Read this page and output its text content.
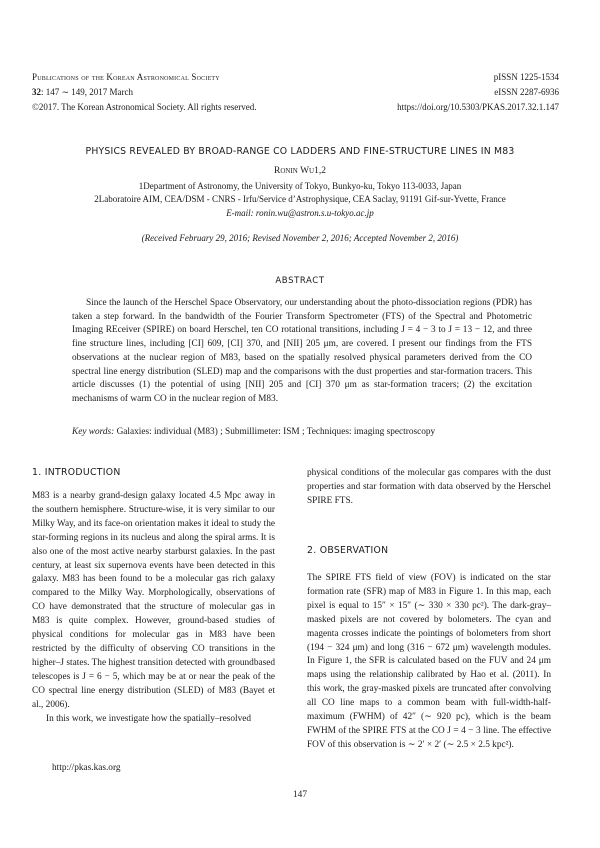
Publications of the Korean Astronomical Society
32: 147 ∼ 149, 2017 March
©2017. The Korean Astronomical Society. All rights reserved.
pISSN 1225-1534
eISSN 2287-6936
https://doi.org/10.5303/PKAS.2017.32.1.147
PHYSICS REVEALED BY BROAD-RANGE CO LADDERS AND FINE-STRUCTURE LINES IN M83
Ronin Wu1,2
1Department of Astronomy, the University of Tokyo, Bunkyo-ku, Tokyo 113-0033, Japan
2Laboratoire AIM, CEA/DSM - CNRS - Irfu/Service d’Astrophysique, CEA Saclay, 91191 Gif-sur-Yvette, France
E-mail: ronin.wu@astron.s.u-tokyo.ac.jp
(Received February 29, 2016; Revised November 2, 2016; Accepted November 2, 2016)
ABSTRACT

Since the launch of the Herschel Space Observatory, our understanding about the photo-dissociation regions (PDR) has taken a step forward. In the bandwidth of the Fourier Transform Spectrometer (FTS) of the Spectral and Photometric Imaging REceiver (SPIRE) on board Herschel, ten CO rotational transitions, including J = 4 − 3 to J = 13 − 12, and three fine structure lines, including [CI] 609, [CI] 370, and [NII] 205 μm, are covered. I present our findings from the FTS observations at the nuclear region of M83, based on the spatially resolved physical parameters derived from the CO spectral line energy distribution (SLED) map and the comparisons with the dust properties and star-formation tracers. This article discusses (1) the potential of using [NII] 205 and [CI] 370 μm as star-formation tracers; (2) the excitation mechanisms of warm CO in the nuclear region of M83.

Key words: Galaxies: individual (M83) ; Submillimeter: ISM ; Techniques: imaging spectroscopy
1. INTRODUCTION

M83 is a nearby grand-design galaxy located 4.5 Mpc away in the southern hemisphere. Structure-wise, it is very similar to our Milky Way, and its face-on orientation makes it ideal to study the star-forming regions in its nucleus and along the spiral arms. It is also one of the most active nearby starburst galaxies. In the past century, at least six supernova events have been detected in this galaxy. M83 has been found to be a molecular gas rich galaxy compared to the Milky Way. Morphologically, observations of CO have demonstrated that the structure of molecular gas in M83 is quite complex. However, ground-based studies of physical conditions for molecular gas in M83 have been restricted by the difficulty of observing CO transitions in the higher–J states. The highest transition detected with groundbased telescopes is J = 6 − 5, which may be at or near the peak of the CO spectral line energy distribution (SLED) of M83 (Bayet et al., 2006).

In this work, we investigate how the spatially–resolved

physical conditions of the molecular gas compares with the dust properties and star formation with data observed by the Herschel SPIRE FTS.

2. OBSERVATION

The SPIRE FTS field of view (FOV) is indicated on the star formation rate (SFR) map of M83 in Figure 1. In this map, each pixel is equal to 15″ × 15″ (∼ 330 × 330 pc²). The dark-gray–masked pixels are not covered by bolometers. The cyan and magenta crosses indicate the pointings of bolometers from short (194 − 324 μm) and long (316 − 672 μm) wavelength modules. In Figure 1, the SFR is calculated based on the FUV and 24 μm maps using the relationship calibrated by Hao et al. (2011). In this work, the gray-masked pixels are truncated after convolving all CO line maps to a common beam with full-width-half-maximum (FWHM) of 42″ (∼ 920 pc), which is the beam FWHM of the SPIRE FTS at the CO J = 4 − 3 line. The effective FOV of this observation is ∼ 2′ × 2′ (∼ 2.5 × 2.5 kpc²).

http://pkas.kas.org
147
